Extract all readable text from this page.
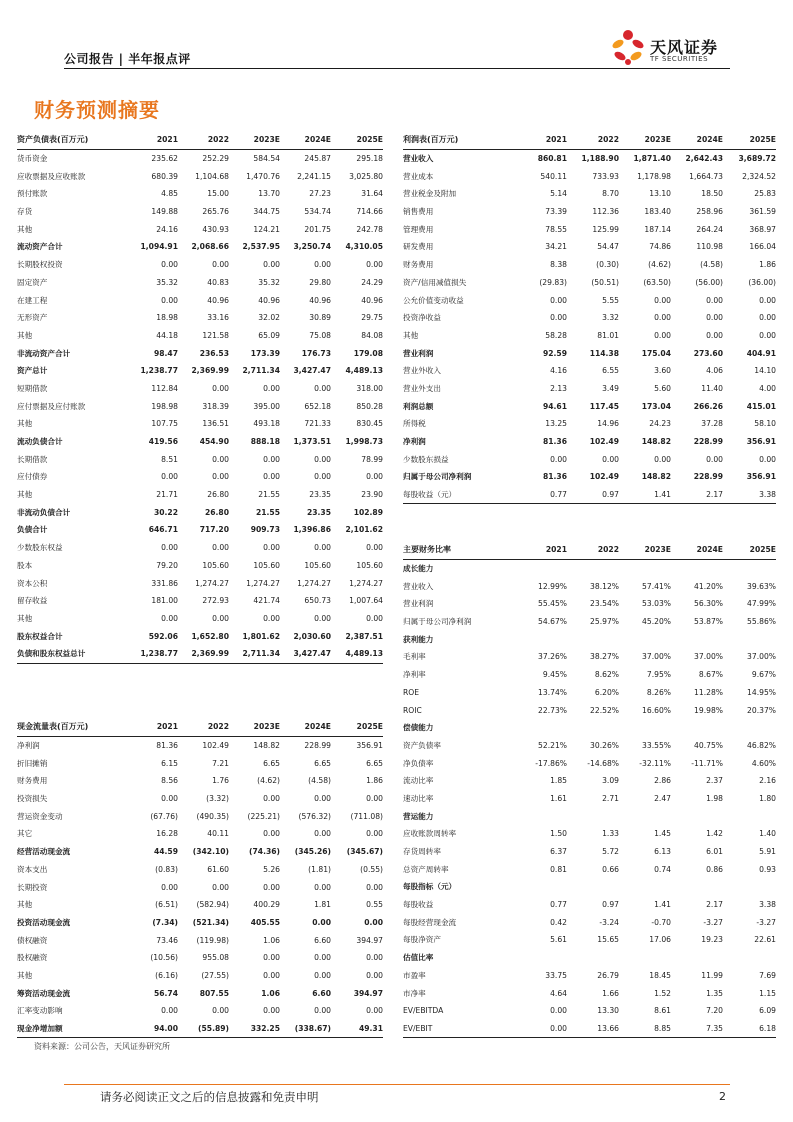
公司报告 | 半年报点评
天风证券
TF SECURITIES
财务预测摘要
资产负债表(百万元)	2021	2022	2023E	2024E	2025E
货币资金	235.62	252.29	584.54	245.87	295.18
应收票据及应收账款	680.39	1,104.68	1,470.76	2,241.15	3,025.80
预付账款	4.85	15.00	13.70	27.23	31.64
存货	149.88	265.76	344.75	534.74	714.66
其他	24.16	430.93	124.21	201.75	242.78
流动资产合计	1,094.91	2,068.66	2,537.95	3,250.74	4,310.05
长期股权投资	0.00	0.00	0.00	0.00	0.00
固定资产	35.32	40.83	35.32	29.80	24.29
在建工程	0.00	40.96	40.96	40.96	40.96
无形资产	18.98	33.16	32.02	30.89	29.75
其他	44.18	121.58	65.09	75.08	84.08
非流动资产合计	98.47	236.53	173.39	176.73	179.08
资产总计	1,238.77	2,369.99	2,711.34	3,427.47	4,489.13
短期借款	112.84	0.00	0.00	0.00	318.00
应付票据及应付账款	198.98	318.39	395.00	652.18	850.28
其他	107.75	136.51	493.18	721.33	830.45
流动负债合计	419.56	454.90	888.18	1,373.51	1,998.73
长期借款	8.51	0.00	0.00	0.00	78.99
应付债券	0.00	0.00	0.00	0.00	0.00
其他	21.71	26.80	21.55	23.35	23.90
非流动负债合计	30.22	26.80	21.55	23.35	102.89
负债合计	646.71	717.20	909.73	1,396.86	2,101.62
少数股东权益	0.00	0.00	0.00	0.00	0.00
股本	79.20	105.60	105.60	105.60	105.60
资本公积	331.86	1,274.27	1,274.27	1,274.27	1,274.27
留存收益	181.00	272.93	421.74	650.73	1,007.64
其他	0.00	0.00	0.00	0.00	0.00
股东权益合计	592.06	1,652.80	1,801.62	2,030.60	2,387.51
负债和股东权益总计	1,238.77	2,369.99	2,711.34	3,427.47	4,489.13
利润表(百万元)	2021	2022	2023E	2024E	2025E
营业收入	860.81	1,188.90	1,871.40	2,642.43	3,689.72
营业成本	540.11	733.93	1,178.98	1,664.73	2,324.52
营业税金及附加	5.14	8.70	13.10	18.50	25.83
销售费用	73.39	112.36	183.40	258.96	361.59
管理费用	78.55	125.99	187.14	264.24	368.97
研发费用	34.21	54.47	74.86	110.98	166.04
财务费用	8.38	(0.30)	(4.62)	(4.58)	1.86
资产/信用减值损失	(29.83)	(50.51)	(63.50)	(56.00)	(36.00)
公允价值变动收益	0.00	5.55	0.00	0.00	0.00
投资净收益	0.00	3.32	0.00	0.00	0.00
其他	58.28	81.01	0.00	0.00	0.00
营业利润	92.59	114.38	175.04	273.60	404.91
营业外收入	4.16	6.55	3.60	4.06	14.10
营业外支出	2.13	3.49	5.60	11.40	4.00
利润总额	94.61	117.45	173.04	266.26	415.01
所得税	13.25	14.96	24.23	37.28	58.10
净利润	81.36	102.49	148.82	228.99	356.91
少数股东损益	0.00	0.00	0.00	0.00	0.00
归属于母公司净利润	81.36	102.49	148.82	228.99	356.91
每股收益（元）	0.77	0.97	1.41	2.17	3.38
主要财务比率	2021	2022	2023E	2024E	2025E
成长能力					
营业收入	12.99%	38.12%	57.41%	41.20%	39.63%
营业利润	55.45%	23.54%	53.03%	56.30%	47.99%
归属于母公司净利润	54.67%	25.97%	45.20%	53.87%	55.86%
获利能力					
毛利率	37.26%	38.27%	37.00%	37.00%	37.00%
净利率	9.45%	8.62%	7.95%	8.67%	9.67%
ROE	13.74%	6.20%	8.26%	11.28%	14.95%
ROIC	22.73%	22.52%	16.60%	19.98%	20.37%
偿债能力					
资产负债率	52.21%	30.26%	33.55%	40.75%	46.82%
净负债率	-17.86%	-14.68%	-32.11%	-11.71%	4.60%
流动比率	1.85	3.09	2.86	2.37	2.16
速动比率	1.61	2.71	2.47	1.98	1.80
营运能力					
应收账款周转率	1.50	1.33	1.45	1.42	1.40
存货周转率	6.37	5.72	6.13	6.01	5.91
总资产周转率	0.81	0.66	0.74	0.86	0.93
每股指标（元）					
每股收益	0.77	0.97	1.41	2.17	3.38
每股经营现金流	0.42	-3.24	-0.70	-3.27	-3.27
每股净资产	5.61	15.65	17.06	19.23	22.61
估值比率					
市盈率	33.75	26.79	18.45	11.99	7.69
市净率	4.64	1.66	1.52	1.35	1.15
EV/EBITDA	0.00	13.30	8.61	7.20	6.09
EV/EBIT	0.00	13.66	8.85	7.35	6.18
现金流量表(百万元)	2021	2022	2023E	2024E	2025E
净利润	81.36	102.49	148.82	228.99	356.91
折旧摊销	6.15	7.21	6.65	6.65	6.65
财务费用	8.56	1.76	(4.62)	(4.58)	1.86
投资损失	0.00	(3.32)	0.00	0.00	0.00
营运资金变动	(67.76)	(490.35)	(225.21)	(576.32)	(711.08)
其它	16.28	40.11	0.00	0.00	0.00
经营活动现金流	44.59	(342.10)	(74.36)	(345.26)	(345.67)
资本支出	(0.83)	61.60	5.26	(1.81)	(0.55)
长期投资	0.00	0.00	0.00	0.00	0.00
其他	(6.51)	(582.94)	400.29	1.81	0.55
投资活动现金流	(7.34)	(521.34)	405.55	0.00	0.00
债权融资	73.46	(119.98)	1.06	6.60	394.97
股权融资	(10.56)	955.08	0.00	0.00	0.00
其他	(6.16)	(27.55)	0.00	0.00	0.00
筹资活动现金流	56.74	807.55	1.06	6.60	394.97
汇率变动影响	0.00	0.00	0.00	0.00	0.00
现金净增加额	94.00	(55.89)	332.25	(338.67)	49.31
资料来源：公司公告，天风证券研究所
请务必阅读正文之后的信息披露和免责申明	2
